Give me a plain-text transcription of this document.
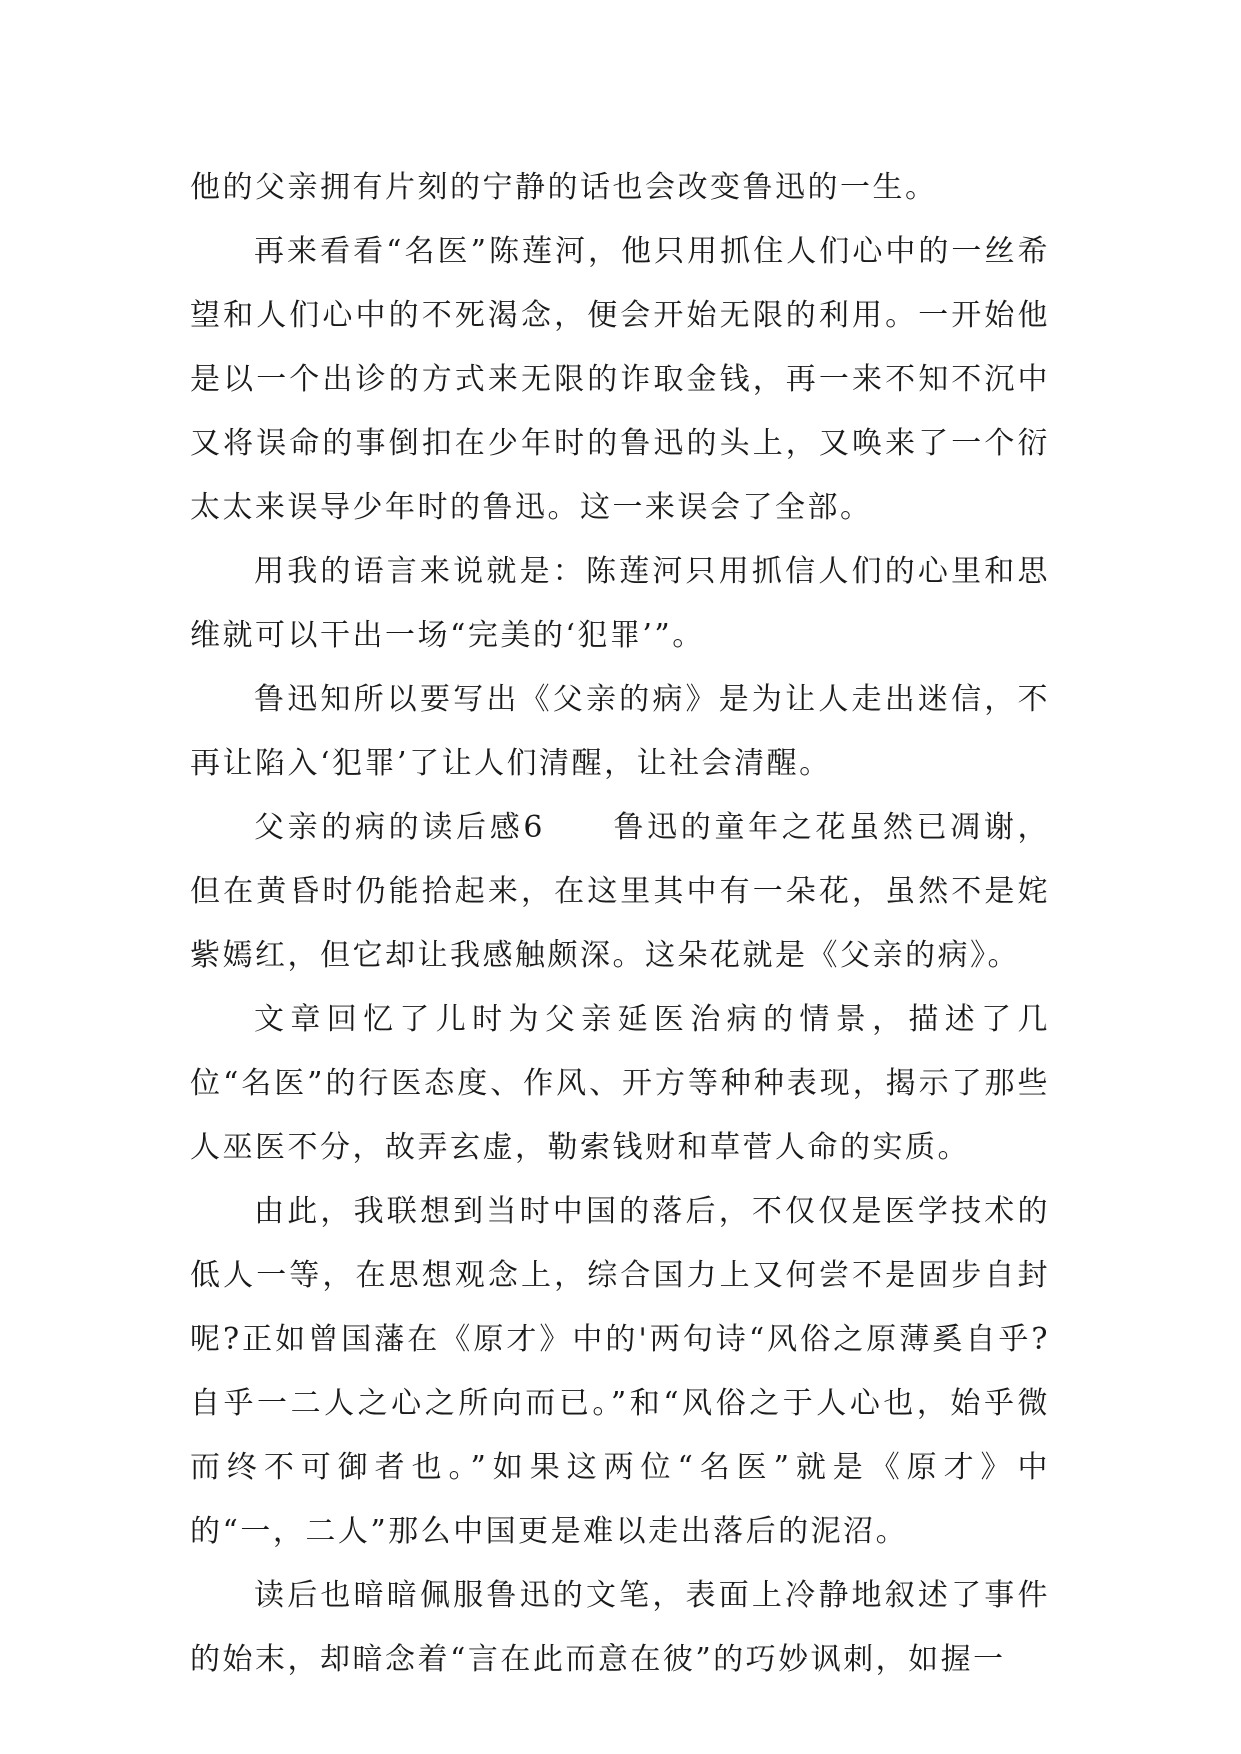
他的父亲拥有片刻的宁静的话也会改变鲁迅的一生。

再来看看“名医”陈莲河，他只用抓住人们心中的一丝希望和人们心中的不死渴念，便会开始无限的利用。一开始他是以一个出诊的方式来无限的诈取金钱，再一来不知不沉中又将误命的事倒扣在少年时的鲁迅的头上，又唤来了一个衍太太来误导少年时的鲁迅。这一来误会了全部。

用我的语言来说就是：陈莲河只用抓信人们的心里和思维就可以干出一场“完美的‘犯罪’”。

鲁迅知所以要写出《父亲的病》是为让人走出迷信，不再让陷入‘犯罪’了让人们清醒，让社会清醒。

父亲的病的读后感6　　鲁迅的童年之花虽然已凋谢，但在黄昏时仍能拾起来，在这里其中有一朵花，虽然不是姹紫嫣红，但它却让我感触颇深。这朵花就是《父亲的病》。

文章回忆了儿时为父亲延医治病的情景，描述了几位“名医”的行医态度、作风、开方等种种表现，揭示了那些人巫医不分，故弄玄虚，勒索钱财和草菅人命的实质。

由此，我联想到当时中国的落后，不仅仅是医学技术的低人一等，在思想观念上，综合国力上又何尝不是固步自封呢?正如曾国藩在《原才》中的'两句诗“风俗之原薄奚自乎?自乎一二人之心之所向而已。”和“风俗之于人心也，始乎微而终不可御者也。”如果这两位“名医”就是《原才》中的“一，二人”那么中国更是难以走出落后的泥沼。

读后也暗暗佩服鲁迅的文笔，表面上冷静地叙述了事件的始末，却暗念着“言在此而意在彼”的巧妙讽刺，如握一
